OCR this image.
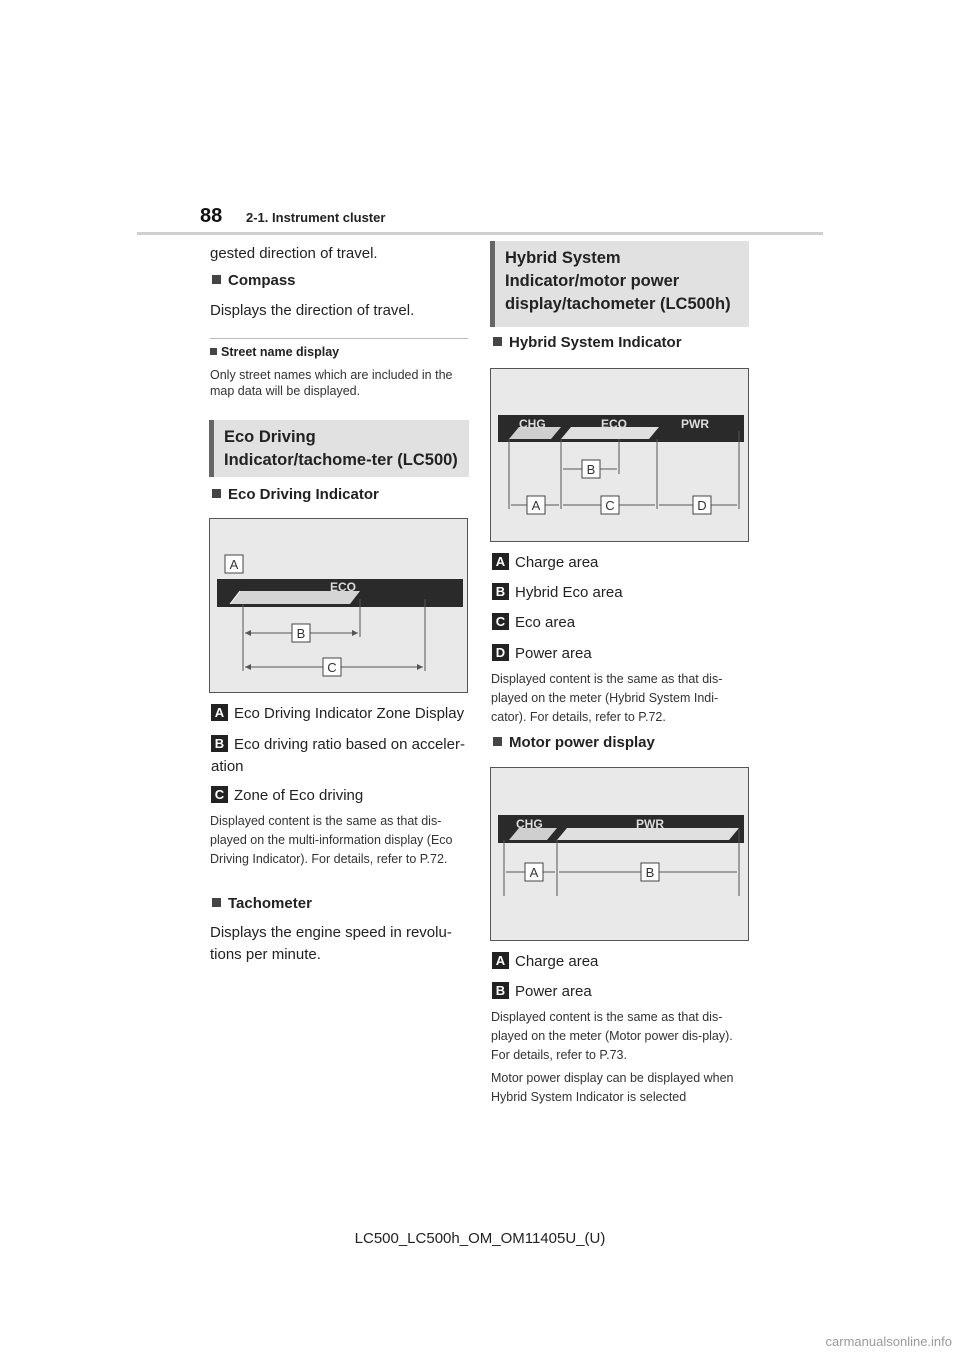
88 2-1. Instrument cluster
gested direction of travel.
Compass
Displays the direction of travel.
Street name display
Only street names which are included in the map data will be displayed.
Eco Driving Indicator/tachome-ter (LC500)
Eco Driving Indicator
ECO
A
B
C
A Eco Driving Indicator Zone Display
B Eco driving ratio based on acceler-ation
C Zone of Eco driving
Displayed content is the same as that dis-played on the multi-information display (Eco Driving Indicator). For details, refer to P.72.
Tachometer
Displays the engine speed in revolu-tions per minute.
Hybrid System Indicator/motor power display/tachometer (LC500h)
Hybrid System Indicator
CHG	ECO	PWR
B
A	C	D
A Charge area
B Hybrid Eco area
C Eco area
D Power area
Displayed content is the same as that dis-played on the meter (Hybrid System Indi-cator). For details, refer to P.72.
Motor power display
CHG	PWR
A	B
A Charge area
B Power area
Displayed content is the same as that dis-played on the meter (Motor power dis-play). For details, refer to P.73.
Motor power display can be displayed when Hybrid System Indicator is selected
LC500_LC500h_OM_OM11405U_(U)
carmanualsonline.info
